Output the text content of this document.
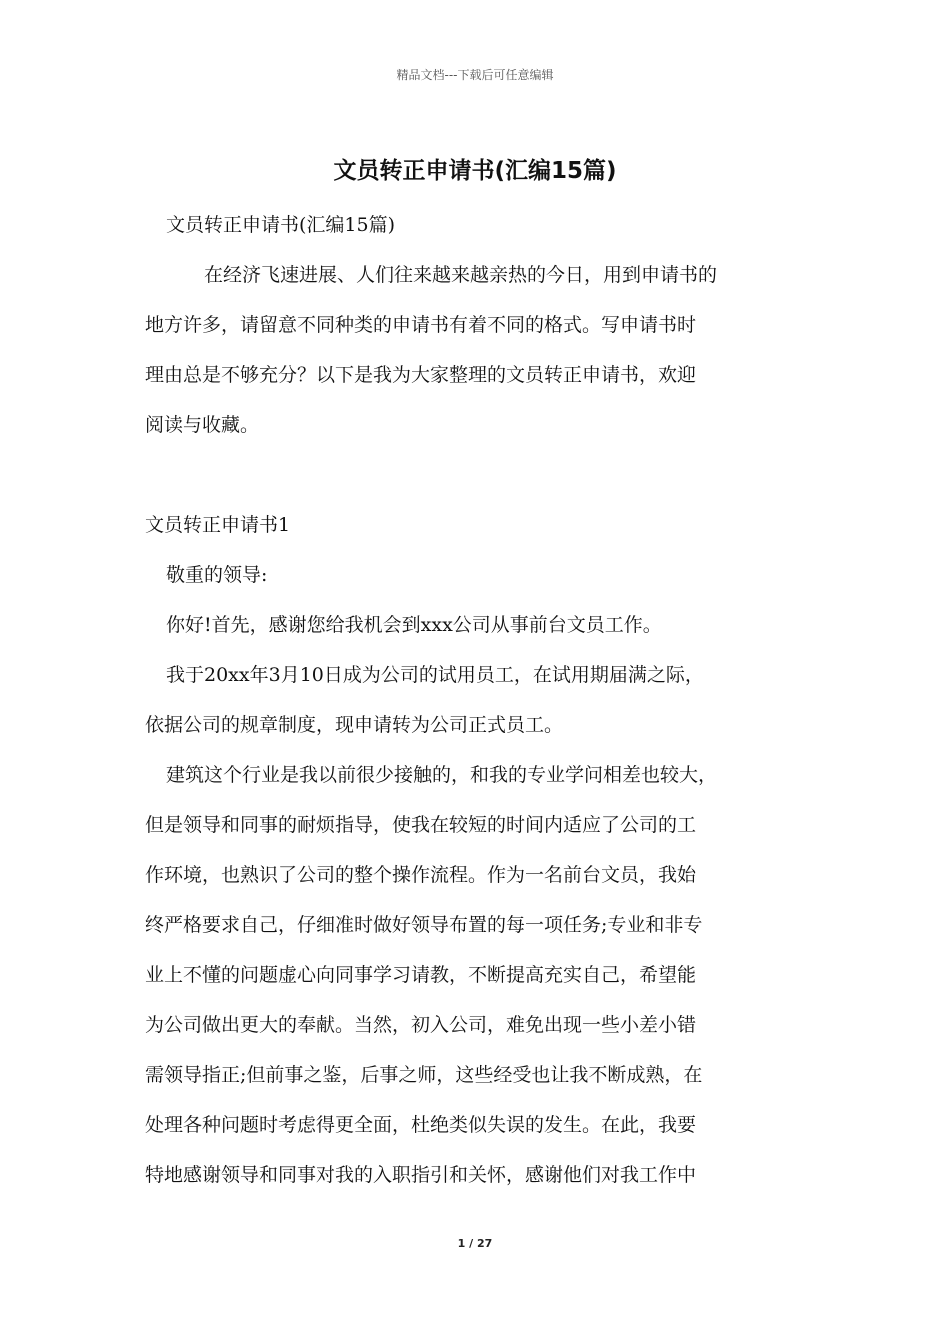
精品文档---下载后可任意编辑
文员转正申请书(汇编15篇)
文员转正申请书(汇编15篇)
在经济飞速进展、人们往来越来越亲热的今日，用到申请书的
地方许多，请留意不同种类的申请书有着不同的格式。写申请书时
理由总是不够充分？以下是我为大家整理的文员转正申请书，欢迎
阅读与收藏。
文员转正申请书1
敬重的领导:
你好!首先，感谢您给我机会到xxx公司从事前台文员工作。
我于20xx年3月10日成为公司的试用员工，在试用期届满之际，
依据公司的规章制度，现申请转为公司正式员工。
建筑这个行业是我以前很少接触的，和我的专业学问相差也较大，
但是领导和同事的耐烦指导，使我在较短的时间内适应了公司的工
作环境，也熟识了公司的整个操作流程。作为一名前台文员，我始
终严格要求自己，仔细准时做好领导布置的每一项任务;专业和非专
业上不懂的问题虚心向同事学习请教，不断提高充实自己，希望能
为公司做出更大的奉献。当然，初入公司，难免出现一些小差小错
需领导指正;但前事之鉴，后事之师，这些经受也让我不断成熟，在
处理各种问题时考虑得更全面，杜绝类似失误的发生。在此，我要
特地感谢领导和同事对我的入职指引和关怀，感谢他们对我工作中
1 / 27
